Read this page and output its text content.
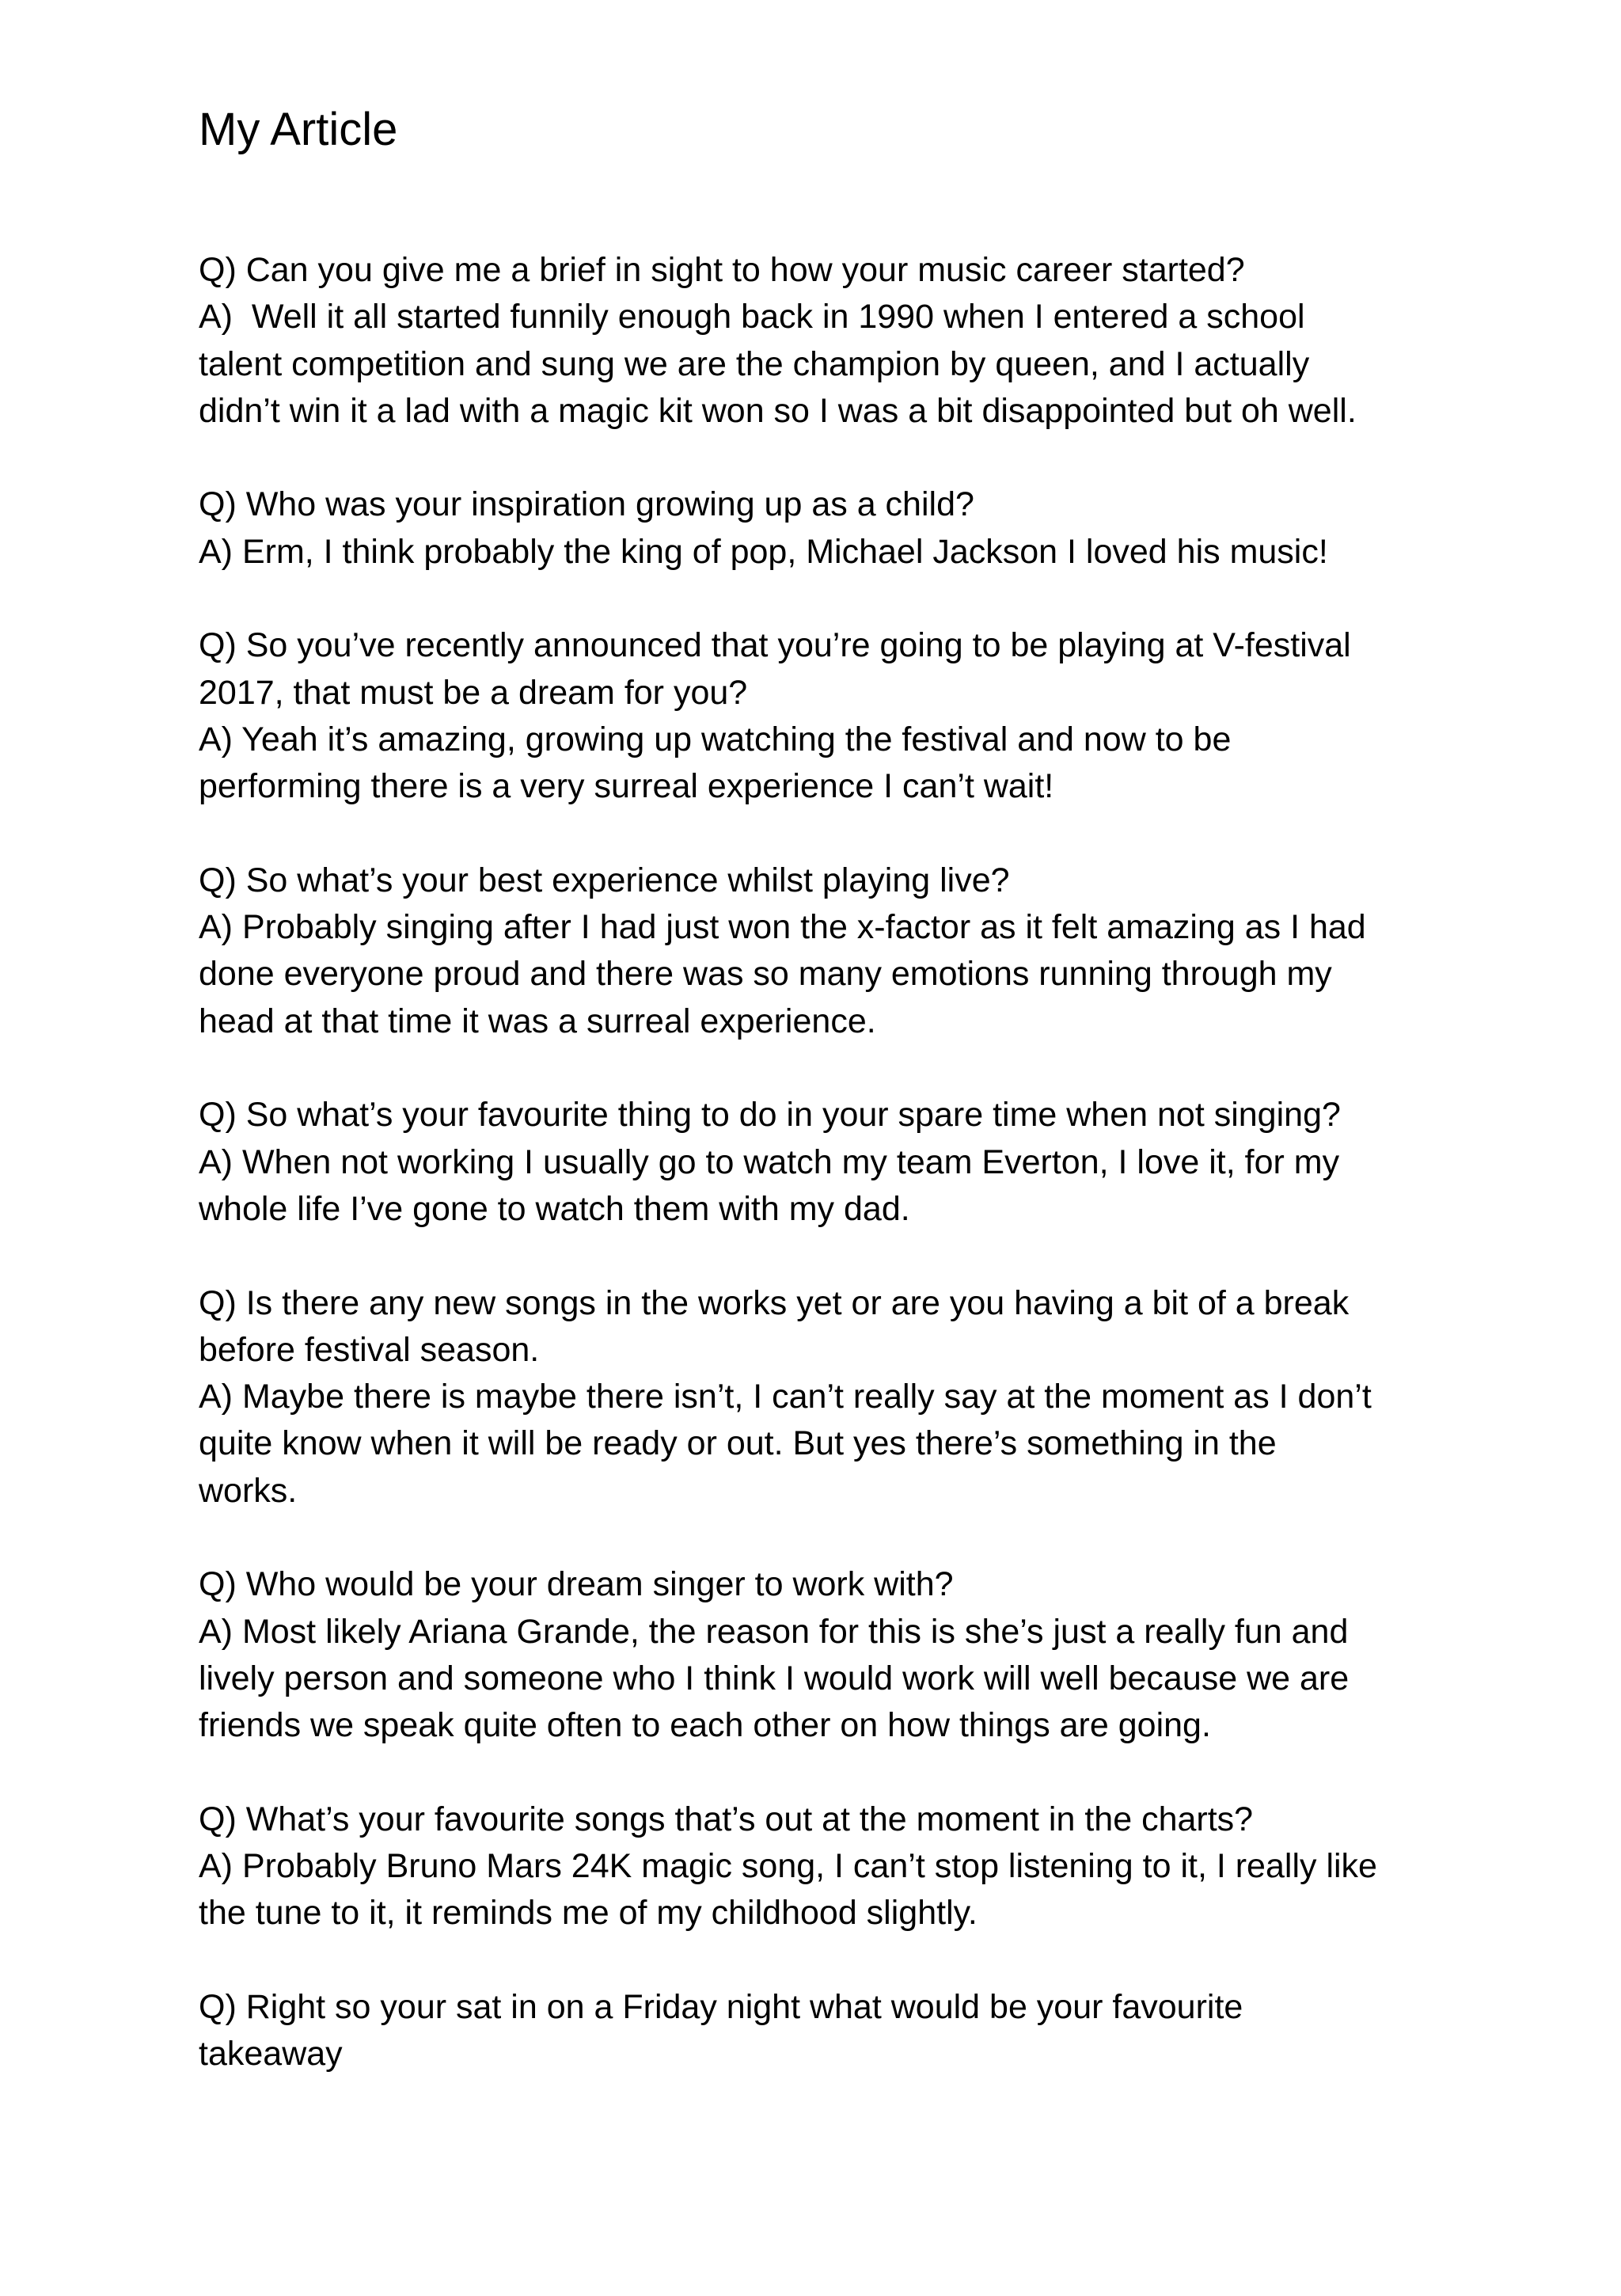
My Article

Q) Can you give me a brief in sight to how your music career started?

A)  Well it all started funnily enough back in 1990 when I entered a school

talent competition and sung we are the champion by queen, and I actually

didn’t win it a lad with a magic kit won so I was a bit disappointed but oh well.

Q) Who was your inspiration growing up as a child?

A) Erm, I think probably the king of pop, Michael Jackson I loved his music!

Q) So you’ve recently announced that you’re going to be playing at V-festival

2017, that must be a dream for you?

A) Yeah it’s amazing, growing up watching the festival and now to be

performing there is a very surreal experience I can’t wait!

Q) So what’s your best experience whilst playing live?

A) Probably singing after I had just won the x-factor as it felt amazing as I had

done everyone proud and there was so many emotions running through my

head at that time it was a surreal experience.

Q) So what’s your favourite thing to do in your spare time when not singing?

A) When not working I usually go to watch my team Everton, I love it, for my

whole life I’ve gone to watch them with my dad.

Q) Is there any new songs in the works yet or are you having a bit of a break

before festival season.

A) Maybe there is maybe there isn’t, I can’t really say at the moment as I don’t

quite know when it will be ready or out. But yes there’s something in the

works.

Q) Who would be your dream singer to work with?

A) Most likely Ariana Grande, the reason for this is she’s just a really fun and

lively person and someone who I think I would work will well because we are

friends we speak quite often to each other on how things are going.

Q) What’s your favourite songs that’s out at the moment in the charts?

A) Probably Bruno Mars 24K magic song, I can’t stop listening to it, I really like

the tune to it, it reminds me of my childhood slightly.

Q) Right so your sat in on a Friday night what would be your favourite

takeaway
